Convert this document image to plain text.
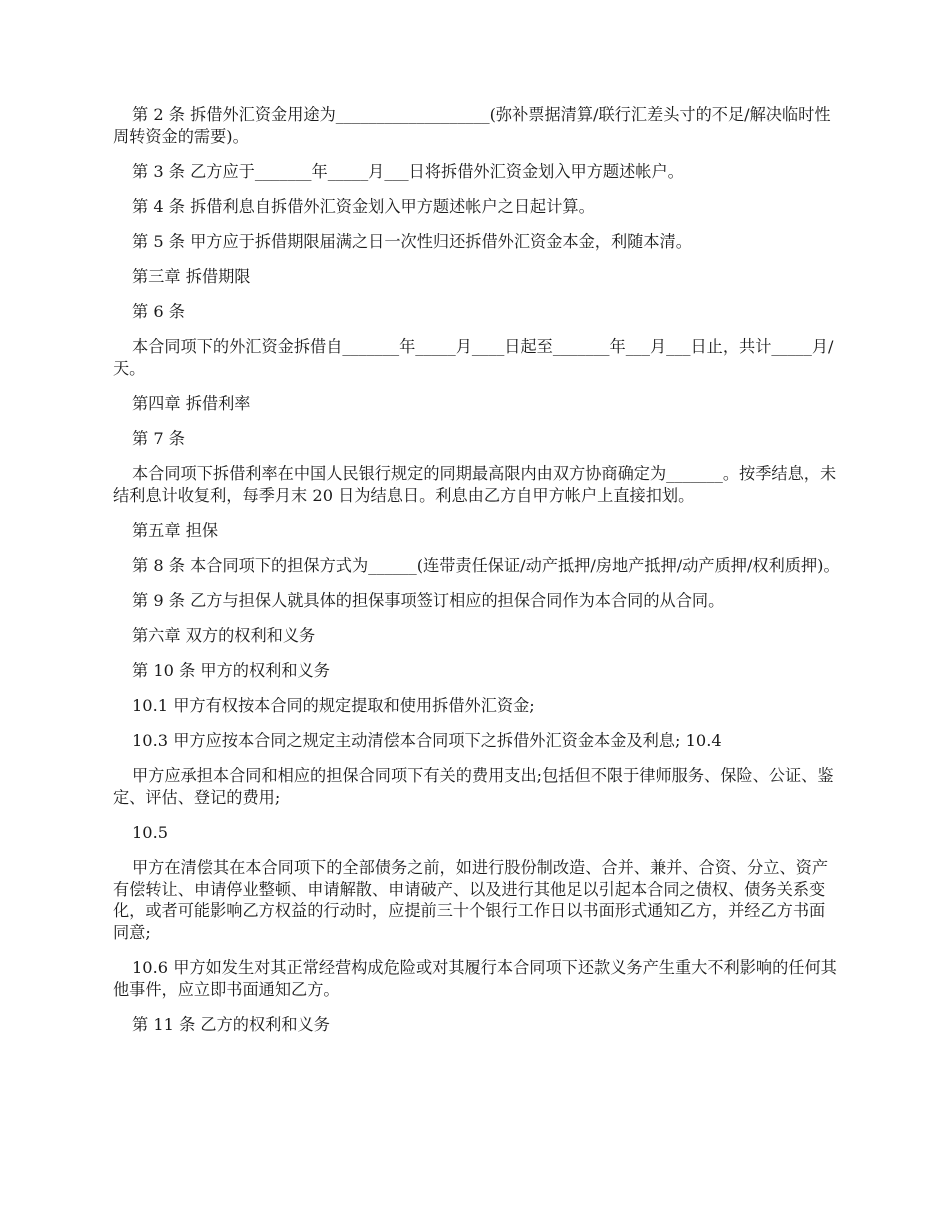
第 2 条 拆借外汇资金用途为___________________(弥补票据清算/联行汇差头寸的不足/解决临时性周转资金的需要)。

第 3 条 乙方应于_______年_____月___日将拆借外汇资金划入甲方题述帐户。

第 4 条 拆借利息自拆借外汇资金划入甲方题述帐户之日起计算。

第 5 条 甲方应于拆借期限届满之日一次性归还拆借外汇资金本金，利随本清。

第三章 拆借期限

第 6 条

本合同项下的外汇资金拆借自_______年_____月____日起至_______年___月___日止，共计_____月/天。

第四章 拆借利率

第 7 条

本合同项下拆借利率在中国人民银行规定的同期最高限内由双方协商确定为_______。按季结息，未结利息计收复利，每季月末 20 日为结息日。利息由乙方自甲方帐户上直接扣划。

第五章 担保

第 8 条 本合同项下的担保方式为______(连带责任保证/动产抵押/房地产抵押/动产质押/权利质押)。

第 9 条 乙方与担保人就具体的担保事项签订相应的担保合同作为本合同的从合同。

第六章 双方的权利和义务

第 10 条 甲方的权利和义务

10.1 甲方有权按本合同的规定提取和使用拆借外汇资金;

10.3 甲方应按本合同之规定主动清偿本合同项下之拆借外汇资金本金及利息; 10.4

甲方应承担本合同和相应的担保合同项下有关的费用支出;包括但不限于律师服务、保险、公证、鉴定、评估、登记的费用;

10.5

甲方在清偿其在本合同项下的全部债务之前，如进行股份制改造、合并、兼并、合资、分立、资产有偿转让、申请停业整顿、申请解散、申请破产、以及进行其他足以引起本合同之债权、债务关系变化，或者可能影响乙方权益的行动时，应提前三十个银行工作日以书面形式通知乙方，并经乙方书面同意;

10.6 甲方如发生对其正常经营构成危险或对其履行本合同项下还款义务产生重大不利影响的任何其他事件，应立即书面通知乙方。

第 11 条 乙方的权利和义务
